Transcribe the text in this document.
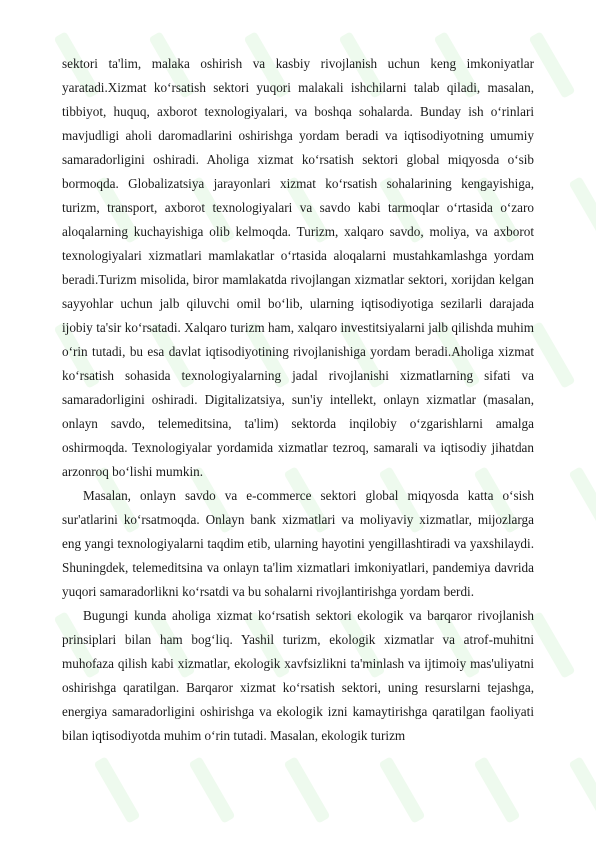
sektori ta'lim, malaka oshirish va kasbiy rivojlanish uchun keng imkoniyatlar yaratadi.Xizmat ko‘rsatish sektori yuqori malakali ishchilarni talab qiladi, masalan, tibbiyot, huquq, axborot texnologiyalari, va boshqa sohalarda. Bunday ish o‘rinlari mavjudligi aholi daromadlarini oshirishga yordam beradi va iqtisodiyotning umumiy samaradorligini oshiradi. Aholiga xizmat ko‘rsatish sektori global miqyosda o‘sib bormoqda. Globalizatsiya jarayonlari xizmat ko‘rsatish sohalarining kengayishiga, turizm, transport, axborot texnologiyalari va savdo kabi tarmoqlar o‘rtasida o‘zaro aloqalarning kuchayishiga olib kelmoqda. Turizm, xalqaro savdo, moliya, va axborot texnologiyalari xizmatlari mamlakatlar o‘rtasida aloqalarni mustahkamlashga yordam beradi.Turizm misolida, biror mamlakatda rivojlangan xizmatlar sektori, xorijdan kelgan sayyohlar uchun jalb qiluvchi omil bo‘lib, ularning iqtisodiyotiga sezilarli darajada ijobiy ta'sir ko‘rsatadi. Xalqaro turizm ham, xalqaro investitsiyalarni jalb qilishda muhim o‘rin tutadi, bu esa davlat iqtisodiyotining rivojlanishiga yordam beradi.Aholiga xizmat ko‘rsatish sohasida texnologiyalarning jadal rivojlanishi xizmatlarning sifati va samaradorligini oshiradi. Digitalizatsiya, sun'iy intellekt, onlayn xizmatlar (masalan, onlayn savdo, telemeditsina, ta'lim) sektorda inqilobiy o‘zgarishlarni amalga oshirmoqda. Texnologiyalar yordamida xizmatlar tezroq, samarali va iqtisodiy jihatdan arzonroq bo‘lishi mumkin.

Masalan, onlayn savdo va e-commerce sektori global miqyosda katta o‘sish sur'atlarini ko‘rsatmoqda. Onlayn bank xizmatlari va moliyaviy xizmatlar, mijozlarga eng yangi texnologiyalarni taqdim etib, ularning hayotini yengillashtiradi va yaxshilaydi. Shuningdek, telemeditsina va onlayn ta'lim xizmatlari imkoniyatlari, pandemiya davrida yuqori samaradorlikni ko‘rsatdi va bu sohalarni rivojlantirishga yordam berdi.

Bugungi kunda aholiga xizmat ko‘rsatish sektori ekologik va barqaror rivojlanish prinsiplari bilan ham bog‘liq. Yashil turizm, ekologik xizmatlar va atrof-muhitni muhofaza qilish kabi xizmatlar, ekologik xavfsizlikni ta'minlash va ijtimoiy mas'uliyatni oshirishga qaratilgan. Barqaror xizmat ko‘rsatish sektori, uning resurslarni tejashga, energiya samaradorligini oshirishga va ekologik izni kamaytirishga qaratilgan faoliyati bilan iqtisodiyotda muhim o‘rin tutadi. Masalan, ekologik turizm
